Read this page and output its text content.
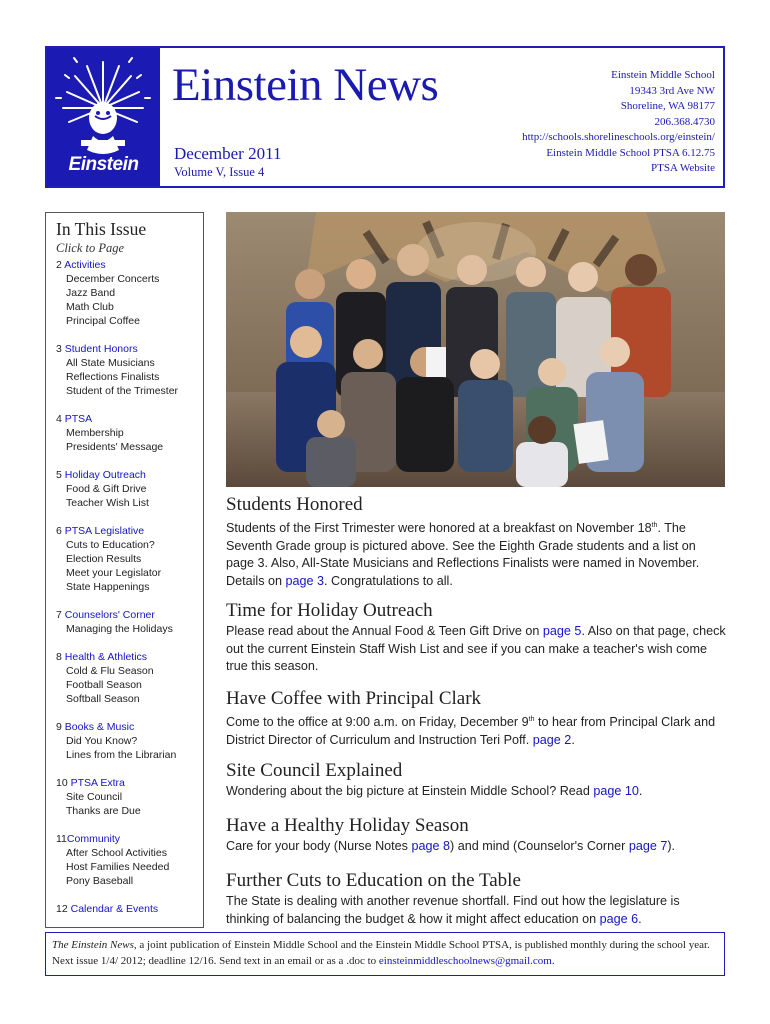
Einstein
Einstein News
December 2011
Volume V, Issue 4
Einstein Middle School
19343 3rd Ave NW
Shoreline, WA 98177
206.368.4730
http://schools.shorelineschools.org/einstein/
Einstein Middle School PTSA 6.12.75
PTSA Website
In This Issue
Click to Page
2 Activities
December Concerts
Jazz Band
Math Club
Principal Coffee
3 Student Honors
All State Musicians
Reflections Finalists
Student of the Trimester
4 PTSA
Membership
Presidents' Message
5 Holiday Outreach
Food & Gift Drive
Teacher Wish List
6 PTSA Legislative
Cuts to Education?
Election Results
Meet your Legislator
State Happenings
7 Counselors' Corner
Managing the Holidays
8 Health & Athletics
Cold & Flu Season
Football Season
Softball Season
9 Books & Music
Did You Know?
Lines from the Librarian
10 PTSA Extra
Site Council
Thanks are Due
11Community
After School Activities
Host Families Needed
Pony Baseball
12 Calendar & Events
Students Honored
Students of the First Trimester were honored at a breakfast on November 18th. The Seventh Grade group is pictured above. See the Eighth Grade students and a list on page 3. Also, All-State Musicians and Reflections Finalists were named in November. Details on page 3. Congratulations to all.
Time for Holiday Outreach
Please read about the Annual Food & Teen Gift Drive on page 5. Also on that page, check out the current Einstein Staff Wish List and see if you can make a teacher's wish come true this season.
Have Coffee with Principal Clark
Come to the office at 9:00 a.m. on Friday, December 9th to hear from Principal Clark and District Director of Curriculum and Instruction Teri Poff. page 2.
Site Council Explained
Wondering about the big picture at Einstein Middle School? Read page 10.
Have a Healthy Holiday Season
Care for your body (Nurse Notes page 8) and mind (Counselor's Corner page 7).
Further Cuts to Education on the Table
The State is dealing with another revenue shortfall. Find out how the legislature is thinking of balancing the budget & how it might affect education on page 6.
The Einstein News, a joint publication of Einstein Middle School and the Einstein Middle School PTSA, is published monthly during the school year. Next issue 1/4/ 2012; deadline 12/16. Send text in an email or as a .doc to einsteinmiddleschoolnews@gmail.com.
